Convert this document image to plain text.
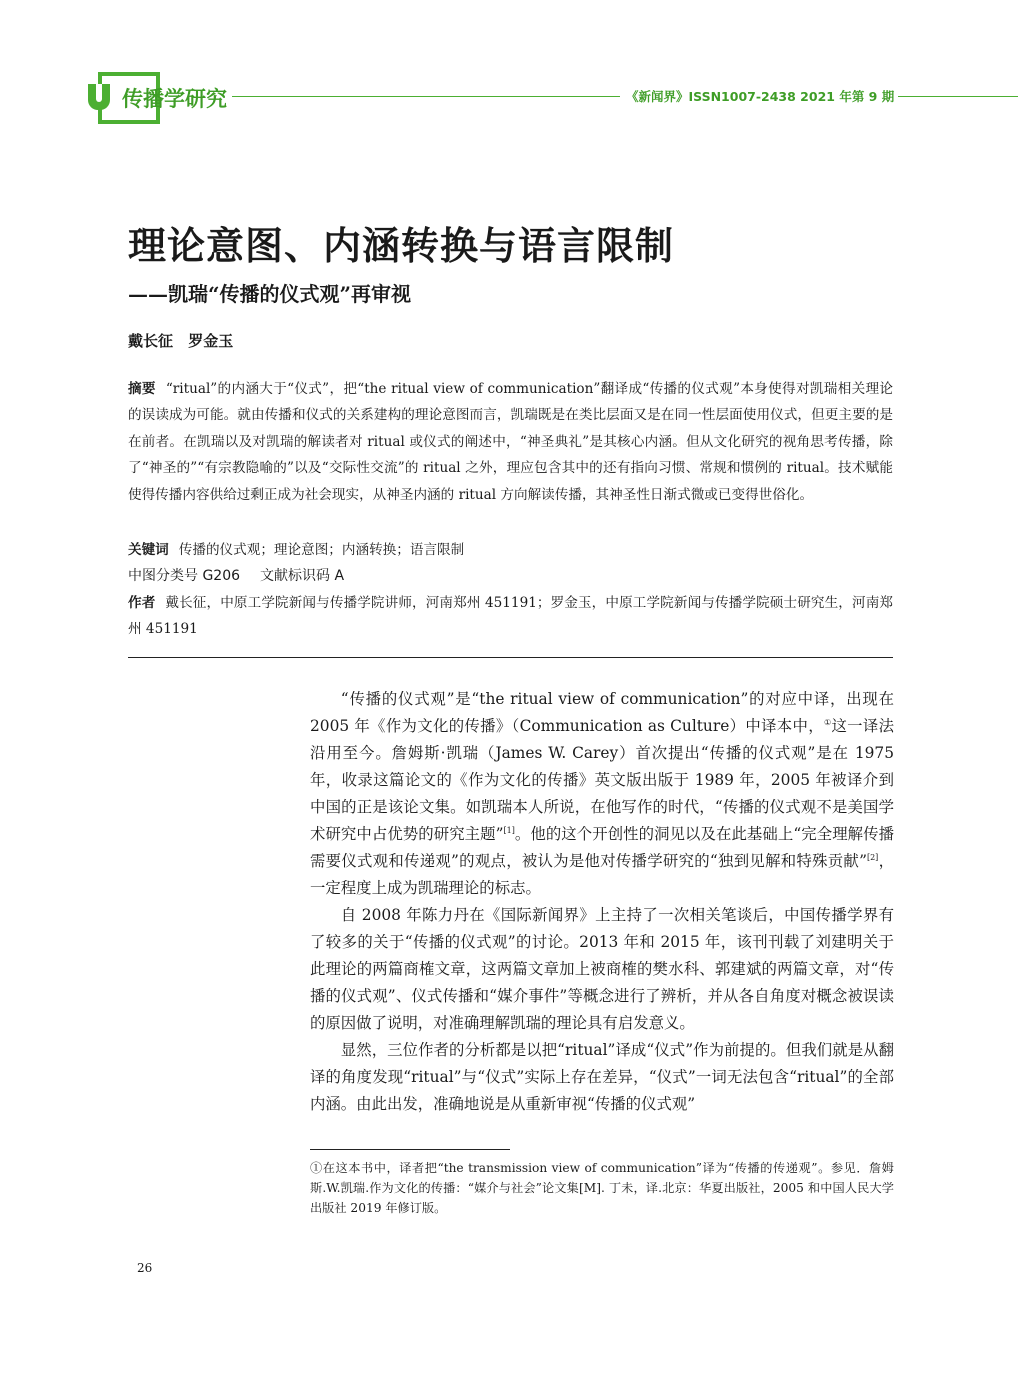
传播学研究	《新闻界》ISSN1007-2438 2021 年第 9 期
理论意图、内涵转换与语言限制
——凯瑞“传播的仪式观”再审视
戴长征 罗金玉
摘要 “ritual”的内涵大于“仪式”，把“the ritual view of communication”翻译成“传播的仪式观”本身使得对凯瑞相关理论的误读成为可能。就由传播和仪式的关系建构的理论意图而言，凯瑞既是在类比层面又是在同一性层面使用仪式，但更主要的是在前者。在凯瑞以及对凯瑞的解读者对 ritual 或仪式的阐述中，“神圣典礼”是其核心内涵。但从文化研究的视角思考传播，除了“神圣的”“有宗教隐喻的”以及“交际性交流”的 ritual 之外，理应包含其中的还有指向习惯、常规和惯例的 ritual。技术赋能使得传播内容供给过剩正成为社会现实，从神圣内涵的 ritual 方向解读传播，其神圣性日渐式微或已变得世俗化。
关键词 传播的仪式观；理论意图；内涵转换；语言限制
中图分类号 G206 文献标识码 A
作者 戴长征，中原工学院新闻与传播学院讲师，河南郑州 451191；罗金玉，中原工学院新闻与传播学院硕士研究生，河南郑州 451191

“传播的仪式观”是“the ritual view of communication”的对应中译，出现在 2005 年《作为文化的传播》（Communication as Culture）中译本中，①这一译法沿用至今。詹姆斯·凯瑞（James W. Carey）首次提出“传播的仪式观”是在 1975 年，收录这篇论文的《作为文化的传播》英文版出版于 1989 年，2005 年被译介到中国的正是该论文集。如凯瑞本人所说，在他写作的时代，“传播的仪式观不是美国学术研究中占优势的研究主题”[1]。他的这个开创性的洞见以及在此基础上“完全理解传播需要仪式观和传递观”的观点，被认为是他对传播学研究的“独到见解和特殊贡献”[2]，一定程度上成为凯瑞理论的标志。

自 2008 年陈力丹在《国际新闻界》上主持了一次相关笔谈后，中国传播学界有了较多的关于“传播的仪式观”的讨论。2013 年和 2015 年，该刊刊载了刘建明关于此理论的两篇商榷文章，这两篇文章加上被商榷的樊水科、郭建斌的两篇文章，对“传播的仪式观”、仪式传播和“媒介事件”等概念进行了辨析，并从各自角度对概念被误读的原因做了说明，对准确理解凯瑞的理论具有启发意义。

显然，三位作者的分析都是以把“ritual”译成“仪式”作为前提的。但我们就是从翻译的角度发现“ritual”与“仪式”实际上存在差异，“仪式”一词无法包含“ritual”的全部内涵。由此出发，准确地说是从重新审视“传播的仪式观”

①在这本书中，译者把“the transmission view of communication”译为“传播的传递观”。参见．詹姆斯.W.凯瑞.作为文化的传播：“媒介与社会”论文集[M]. 丁未，译.北京：华夏出版社，2005 和中国人民大学出版社 2019 年修订版。
26
